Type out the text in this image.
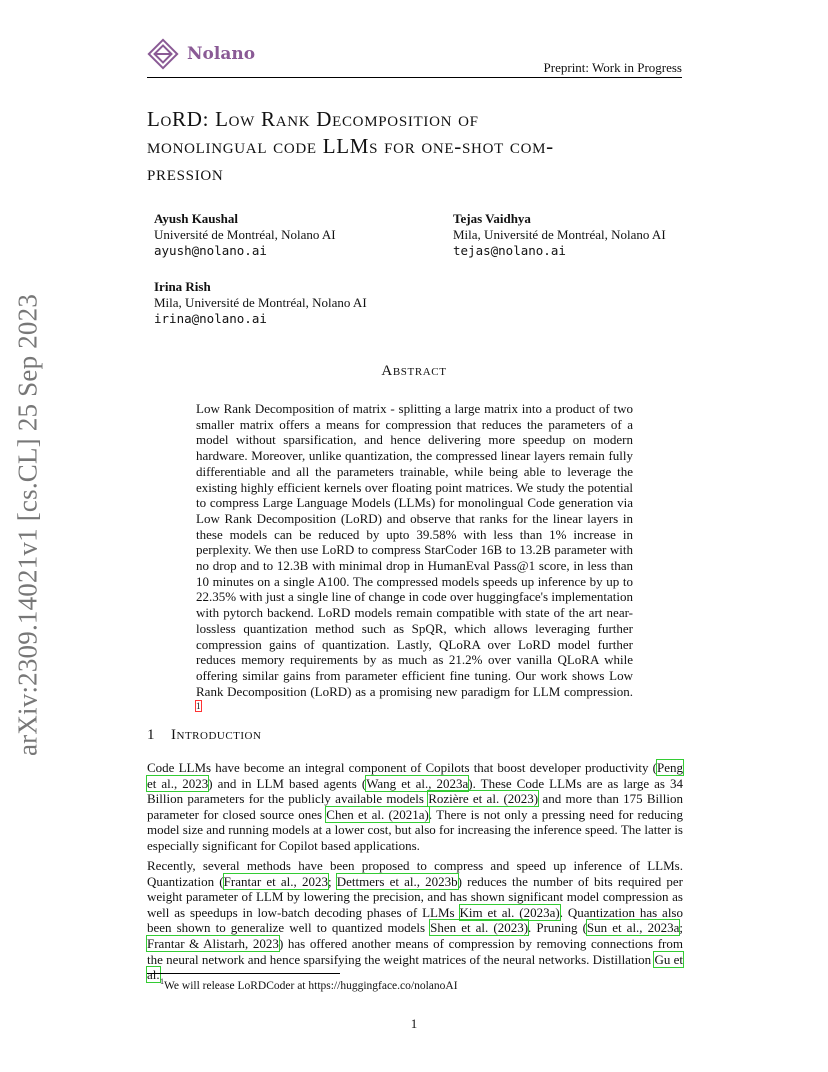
Nolano
Preprint: Work in Progress
arXiv:2309.14021v1 [cs.CL] 25 Sep 2023
LoRD: Low Rank Decomposition of
monolingual code LLMs for one-shot com-
pression
Ayush Kaushal
Université de Montréal, Nolano AI
ayush@nolano.ai
Tejas Vaidhya
Mila, Université de Montréal, Nolano AI
tejas@nolano.ai
Irina Rish
Mila, Université de Montréal, Nolano AI
irina@nolano.ai
Abstract
Low Rank Decomposition of matrix - splitting a large matrix into a product of two smaller matrix offers a means for compression that reduces the parameters of a model without sparsification, and hence delivering more speedup on modern hardware. Moreover, unlike quantization, the compressed linear layers remain fully differentiable and all the parameters trainable, while being able to leverage the existing highly efficient kernels over floating point matrices. We study the potential to compress Large Language Models (LLMs) for monolingual Code generation via Low Rank Decomposition (LoRD) and observe that ranks for the linear layers in these models can be reduced by upto 39.58% with less than 1% increase in perplexity. We then use LoRD to compress StarCoder 16B to 13.2B parameter with no drop and to 12.3B with minimal drop in HumanEval Pass@1 score, in less than 10 minutes on a single A100. The compressed models speeds up inference by up to 22.35% with just a single line of change in code over huggingface's implementation with pytorch backend. LoRD models remain compatible with state of the art near-lossless quantization method such as SpQR, which allows leveraging further compression gains of quantization. Lastly, QLoRA over LoRD model further reduces memory requirements by as much as 21.2% over vanilla QLoRA while offering similar gains from parameter efficient fine tuning. Our work shows Low Rank Decomposition (LoRD) as a promising new paradigm for LLM compression. $^1$
1 Introduction
Code LLMs have become an integral component of Copilots that boost developer productivity (Peng et al., 2023) and in LLM based agents (Wang et al., 2023a). These Code LLMs are as large as 34 Billion parameters for the publicly available models Rozière et al. (2023) and more than 175 Billion parameter for closed source ones Chen et al. (2021a). There is not only a pressing need for reducing model size and running models at a lower cost, but also for increasing the inference speed. The latter is especially significant for Copilot based applications.
Recently, several methods have been proposed to compress and speed up inference of LLMs. Quantization (Frantar et al., 2023; Dettmers et al., 2023b) reduces the number of bits required per weight parameter of LLM by lowering the precision, and has shown significant model compression as well as speedups in low-batch decoding phases of LLMs Kim et al. (2023a). Quantization has also been shown to generalize well to quantized models Shen et al. (2023). Pruning (Sun et al., 2023a; Frantar & Alistarh, 2023) has offered another means of compression by removing connections from the neural network and hence sparsifying the weight matrices of the neural networks. Distillation Gu et al. $^1$We will release LoRDCoder at https://huggingface.co/nolanoAI
1
